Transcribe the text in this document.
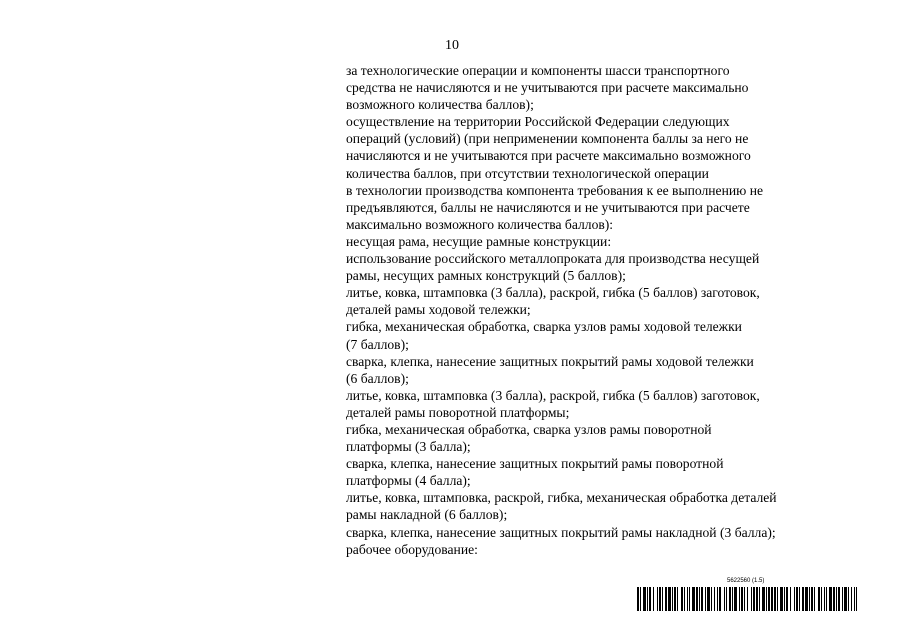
10
за технологические операции и компоненты шасси транспортного
средства не начисляются и не учитываются при расчете максимально
возможного количества баллов);
осуществление на территории Российской Федерации следующих
операций (условий) (при неприменении компонента баллы за него не
начисляются и не учитываются при расчете максимально возможного
количества баллов, при отсутствии технологической операции
в технологии производства компонента требования к ее выполнению не
предъявляются, баллы не начисляются и не учитываются при расчете
максимально возможного количества баллов):
несущая рама, несущие рамные конструкции:
использование российского металлопроката для производства несущей
рамы, несущих рамных конструкций (5 баллов);
литье, ковка, штамповка (3 балла), раскрой, гибка (5 баллов) заготовок,
деталей рамы ходовой тележки;
гибка, механическая обработка, сварка узлов рамы ходовой тележки
(7 баллов);
сварка, клепка, нанесение защитных покрытий рамы ходовой тележки
(6 баллов);
литье, ковка, штамповка (3 балла), раскрой, гибка (5 баллов) заготовок,
деталей рамы поворотной платформы;
гибка, механическая обработка, сварка узлов рамы поворотной
платформы (3 балла);
сварка, клепка, нанесение защитных покрытий рамы поворотной
платформы (4 балла);
литье, ковка, штамповка, раскрой, гибка, механическая обработка деталей
рамы накладной (6 баллов);
сварка, клепка, нанесение защитных покрытий рамы накладной (3 балла);
рабочее оборудование:
5622560 (1.5)
